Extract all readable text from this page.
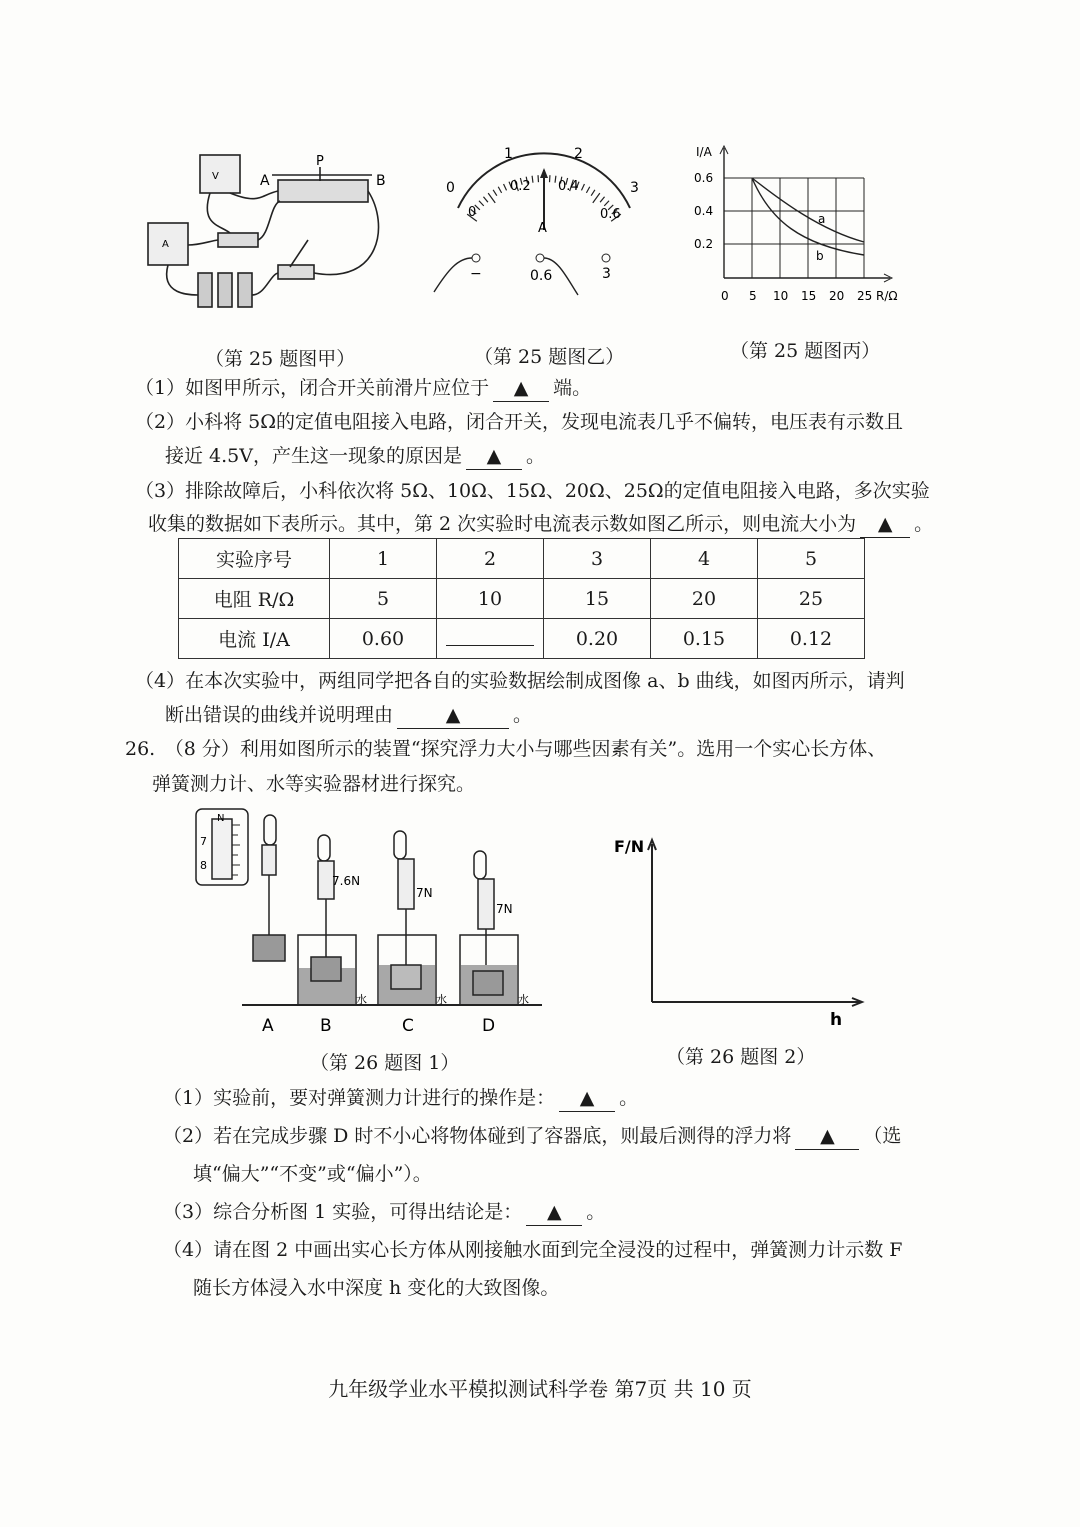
V
A
A
P
B	0
1	2
3
0
0.2 0.4
0.6
A
−	0.6	3
I/A
R/Ω
a
b
0 5 10 15 20 25
0.2
0.4
0.6
（第 25 题图甲）	（第 25 题图乙）	（第 25 题图丙）
（1）如图甲所示，闭合开关前滑片应位于 ▲ 端。
（2）小科将 5Ω的定值电阻接入电路，闭合开关，发现电流表几乎不偏转，电压表有示数且
接近 4.5V，产生这一现象的原因是 ▲ 。
（3）排除故障后，小科依次将 5Ω、10Ω、15Ω、20Ω、25Ω的定值电阻接入电路，多次实验
收集的数据如下表所示。其中，第 2 次实验时电流表示数如图乙所示，则电流大小为 ▲ 。
实验序号	1	2	3	4	5
电阻 R/Ω	5	10	15	20	25
电流 I/A	0.60		0.20	0.15	0.12
（4）在本次实验中，两组同学把各自的实验数据绘制成图像 a、b 曲线，如图丙所示，请判
断出错误的曲线并说明理由	▲	。
26.　（8 分）利用如图所示的装置“探究浮力大小与哪些因素有关”。选用一个实心长方体、
弹簧测力计、水等实验器材进行探究。
N
7
8
7.6N
7N
7N
水	水	水
A	B	C	D
（第 26 题图 1）
F/N
h
（第 26 题图 2）
（1）实验前，要对弹簧测力计进行的操作是： ▲ 。
（2）若在完成步骤 D 时不小心将物体碰到了容器底，则最后测得的浮力将 ▲ （选
填“偏大”“不变”或“偏小”）。
（3）综合分析图 1 实验，可得出结论是： ▲ 。
（4）请在图 2 中画出实心长方体从刚接触水面到完全浸没的过程中，弹簧测力计示数 F
随长方体浸入水中深度 h 变化的大致图像。
九年级学业水平模拟测试科学卷 第7页 共 10 页
